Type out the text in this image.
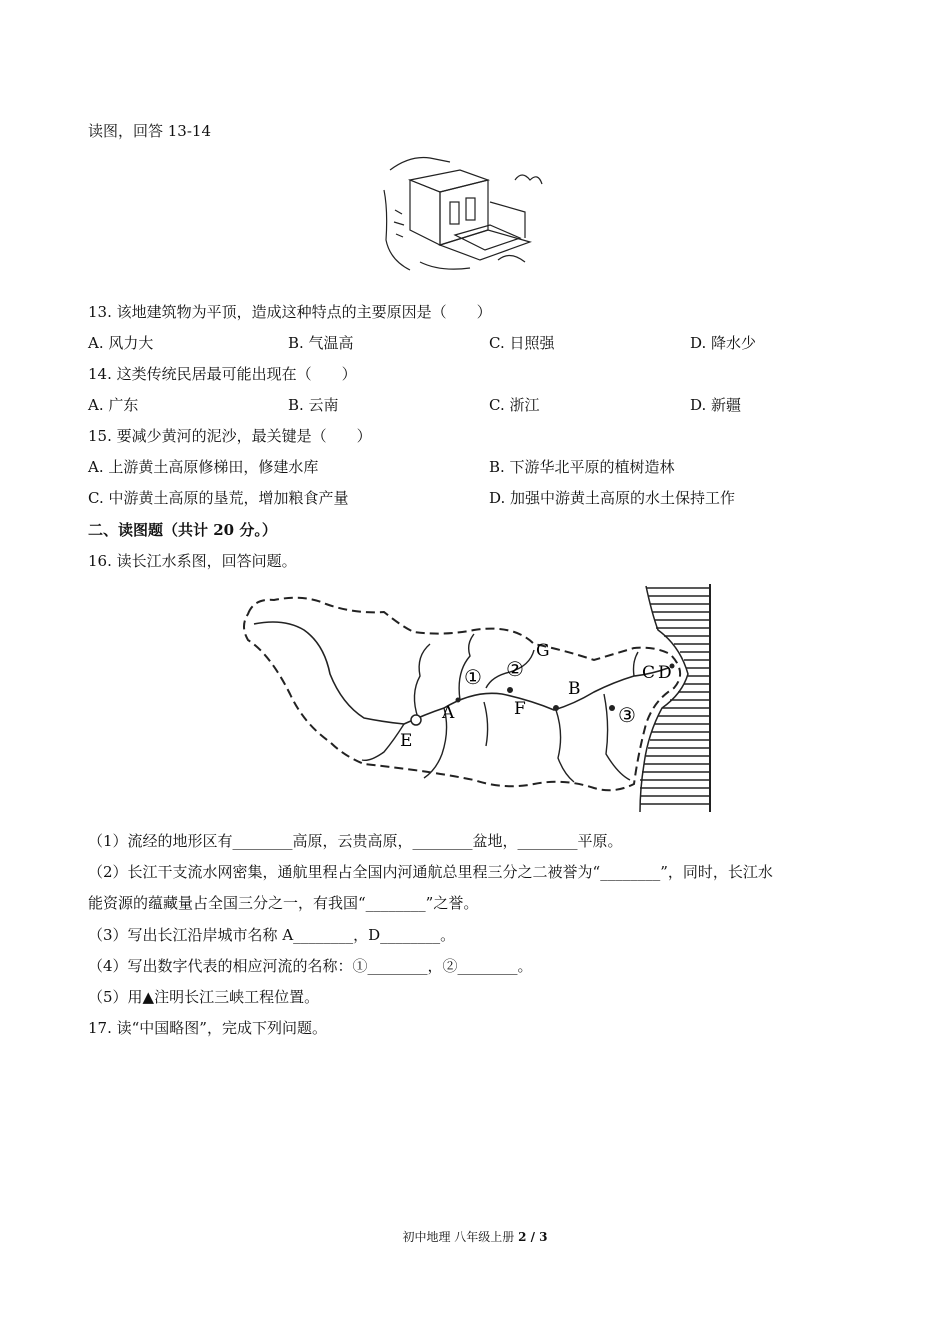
读图，回答 13-14
13. 该地建筑物为平顶，造成这种特点的主要原因是（　　）
A. 风力大	B. 气温高	C. 日照强	D. 降水少
14. 这类传统民居最可能出现在（　　）
A. 广东	B. 云南	C. 浙江	D. 新疆
15. 要减少黄河的泥沙，最关键是（　　）
A. 上游黄土高原修梯田，修建水库	B. 下游华北平原的植树造林
C. 中游黄土高原的垦荒，增加粮食产量	D. 加强中游黄土高原的水土保持工作
二、读图题（共计 20 分。）
16. 读长江水系图，回答问题。
① ②
③
A
B
C D
E
F
G
（1）流经的地形区有________高原，云贵高原，________盆地，________平原。
（2）长江干支流水网密集，通航里程占全国内河通航总里程三分之二被誉为“________”，同时，长江水
能资源的蕴藏量占全国三分之一，有我国“________”之誉。
（3）写出长江沿岸城市名称 A________，D________。
（4）写出数字代表的相应河流的名称：①________，②________。
（5）用▲注明长江三峡工程位置。
17. 读“中国略图”，完成下列问题。
初中地理 八年级上册 2 / 3
